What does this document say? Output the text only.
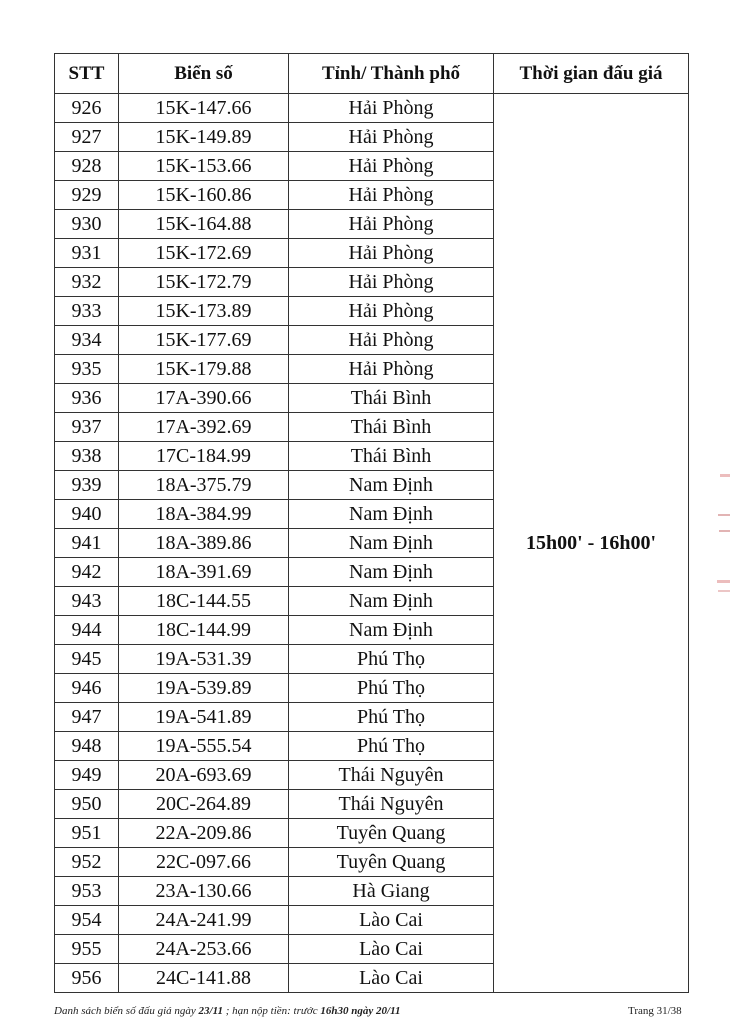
STT	Biển số	Tỉnh/ Thành phố	Thời gian đấu giá
926	15K-147.66	Hải Phòng	15h00' - 16h00'
927	15K-149.89	Hải Phòng	
928	15K-153.66	Hải Phòng	
929	15K-160.86	Hải Phòng	
930	15K-164.88	Hải Phòng	
931	15K-172.69	Hải Phòng	
932	15K-172.79	Hải Phòng	
933	15K-173.89	Hải Phòng	
934	15K-177.69	Hải Phòng	
935	15K-179.88	Hải Phòng	
936	17A-390.66	Thái Bình	
937	17A-392.69	Thái Bình	
938	17C-184.99	Thái Bình	
939	18A-375.79	Nam Định	
940	18A-384.99	Nam Định	
941	18A-389.86	Nam Định	
942	18A-391.69	Nam Định	
943	18C-144.55	Nam Định	
944	18C-144.99	Nam Định	
945	19A-531.39	Phú Thọ	
946	19A-539.89	Phú Thọ	
947	19A-541.89	Phú Thọ	
948	19A-555.54	Phú Thọ	
949	20A-693.69	Thái Nguyên	
950	20C-264.89	Thái Nguyên	
951	22A-209.86	Tuyên Quang	
952	22C-097.66	Tuyên Quang	
953	23A-130.66	Hà Giang	
954	24A-241.99	Lào Cai	
955	24A-253.66	Lào Cai	
956	24C-141.88	Lào Cai	
Danh sách biển số đấu giá ngày 23/11 ; hạn nộp tiền: trước 16h30 ngày 20/11	Trang 31/38
